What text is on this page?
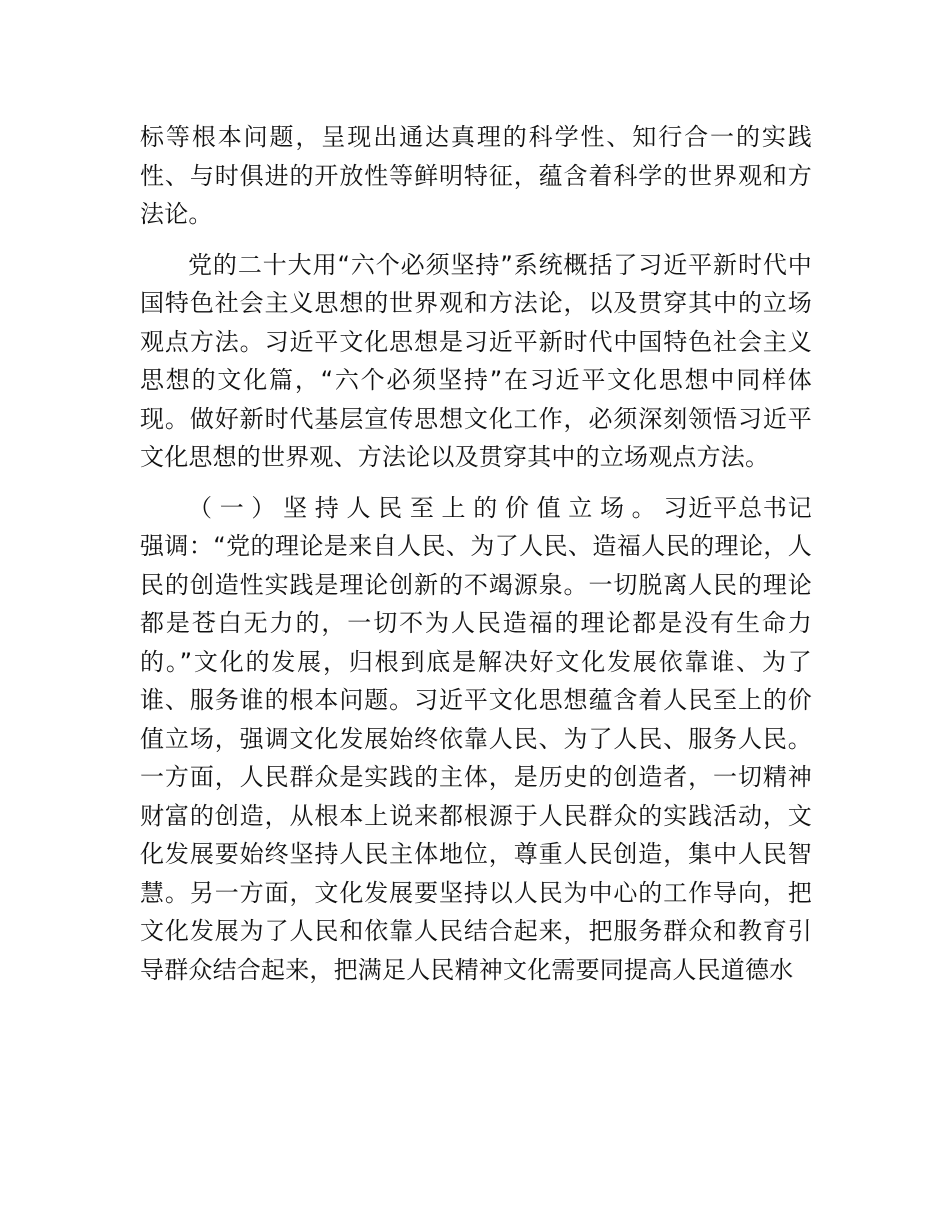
标等根本问题，呈现出通达真理的科学性、知行合一的实践性、与时俱进的开放性等鲜明特征，蕴含着科学的世界观和方法论。

党的二十大用“六个必须坚持”系统概括了习近平新时代中国特色社会主义思想的世界观和方法论，以及贯穿其中的立场观点方法。习近平文化思想是习近平新时代中国特色社会主义思想的文化篇，“六个必须坚持”在习近平文化思想中同样体现。做好新时代基层宣传思想文化工作，必须深刻领悟习近平文化思想的世界观、方法论以及贯穿其中的立场观点方法。

（一）坚持人民至上的价值立场。习近平总书记强调：“党的理论是来自人民、为了人民、造福人民的理论，人民的创造性实践是理论创新的不竭源泉。一切脱离人民的理论都是苍白无力的，一切不为人民造福的理论都是没有生命力的。”文化的发展，归根到底是解决好文化发展依靠谁、为了谁、服务谁的根本问题。习近平文化思想蕴含着人民至上的价值立场，强调文化发展始终依靠人民、为了人民、服务人民。一方面，人民群众是实践的主体，是历史的创造者，一切精神财富的创造，从根本上说来都根源于人民群众的实践活动，文化发展要始终坚持人民主体地位，尊重人民创造，集中人民智慧。另一方面，文化发展要坚持以人民为中心的工作导向，把文化发展为了人民和依靠人民结合起来，把服务群众和教育引导群众结合起来，把满足人民精神文化需要同提高人民道德水
